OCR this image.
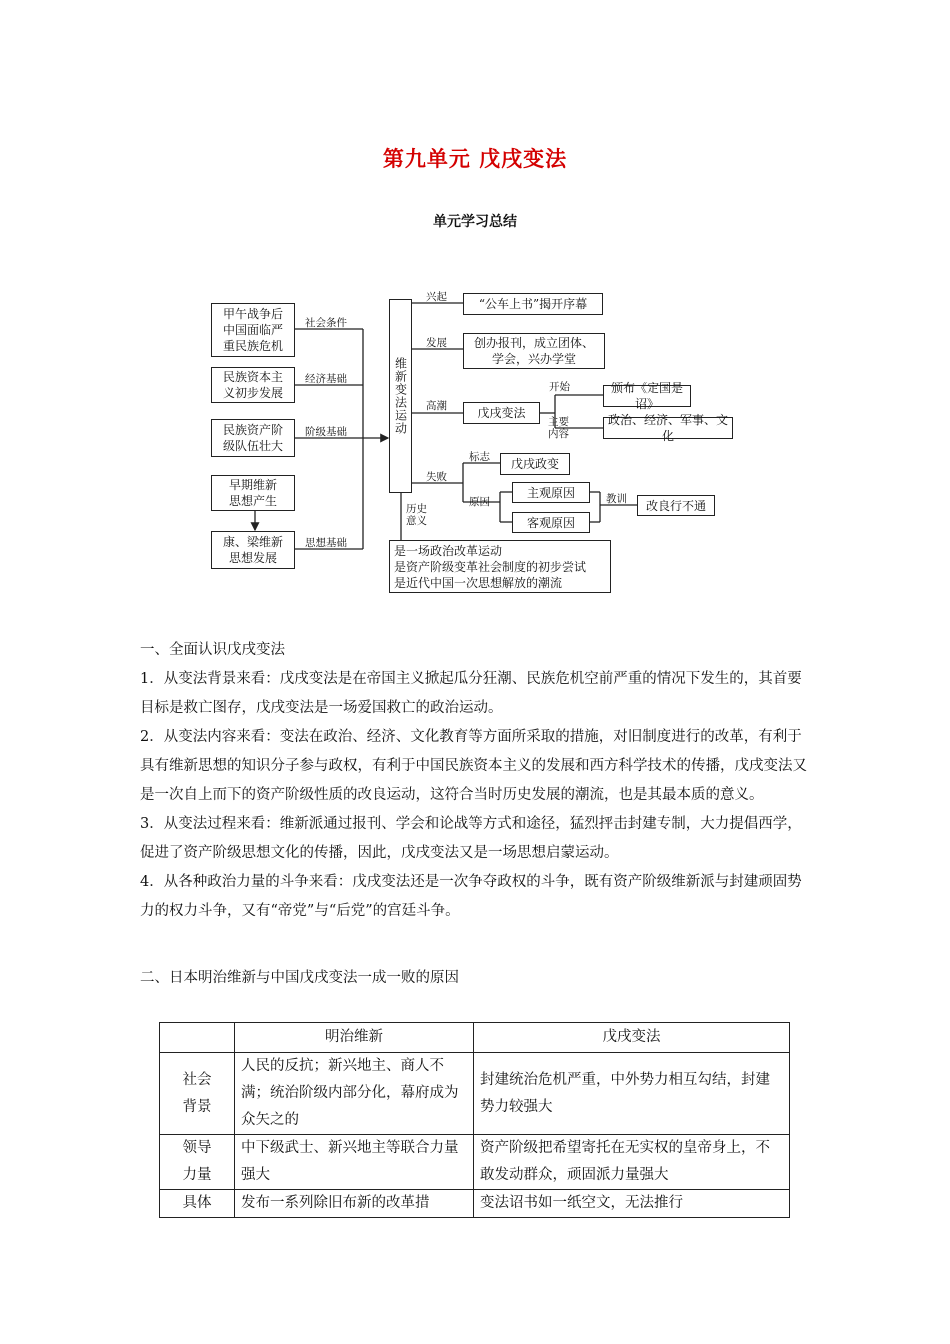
第九单元 戊戌变法
单元学习总结
甲午战争后
中国面临严
重民族危机
民族资本主
义初步发展
民族资产阶
级队伍壮大
早期维新
思想产生
康、梁维新
思想发展
社会条件
经济基础
阶级基础
思想基础
维新变法运动
兴起
发展
高潮
失败
历史
意义
“公车上书”揭开序幕
创办报刊，成立团体、
学会，兴办学堂
戊戌变法
开始	颁布《定国是诏》
主要
内容
政治、经济、军事、文化
标志	戊戌政变
原因
主观原因
客观原因
教训	改良行不通
是一场政治改革运动
是资产阶级变革社会制度的初步尝试
是近代中国一次思想解放的潮流

一、全面认识戊戌变法

1．从变法背景来看：戊戌变法是在帝国主义掀起瓜分狂潮、民族危机空前严重的情况下发生的，其首要目标是救亡图存，戊戌变法是一场爱国救亡的政治运动。

2．从变法内容来看：变法在政治、经济、文化教育等方面所采取的措施，对旧制度进行的改革，有利于具有维新思想的知识分子参与政权，有利于中国民族资本主义的发展和西方科学技术的传播，戊戌变法又是一次自上而下的资产阶级性质的改良运动，这符合当时历史发展的潮流，也是其最本质的意义。

3．从变法过程来看：维新派通过报刊、学会和论战等方式和途径，猛烈抨击封建专制，大力提倡西学，促进了资产阶级思想文化的传播，因此，戊戌变法又是一场思想启蒙运动。

4．从各种政治力量的斗争来看：戊戌变法还是一次争夺政权的斗争，既有资产阶级维新派与封建顽固势力的权力斗争，又有“帝党”与“后党”的宫廷斗争。

二、日本明治维新与中国戊戌变法一成一败的原因
	明治维新	戊戌变法
社会
背景	人民的反抗；新兴地主、商人不满；统治阶级内部分化，幕府成为众矢之的	封建统治危机严重，中外势力相互勾结，封建势力较强大
领导
力量	中下级武士、新兴地主等联合力量强大	资产阶级把希望寄托在无实权的皇帝身上，不敢发动群众，顽固派力量强大
具体	发布一系列除旧布新的改革措	变法诏书如一纸空文，无法推行
